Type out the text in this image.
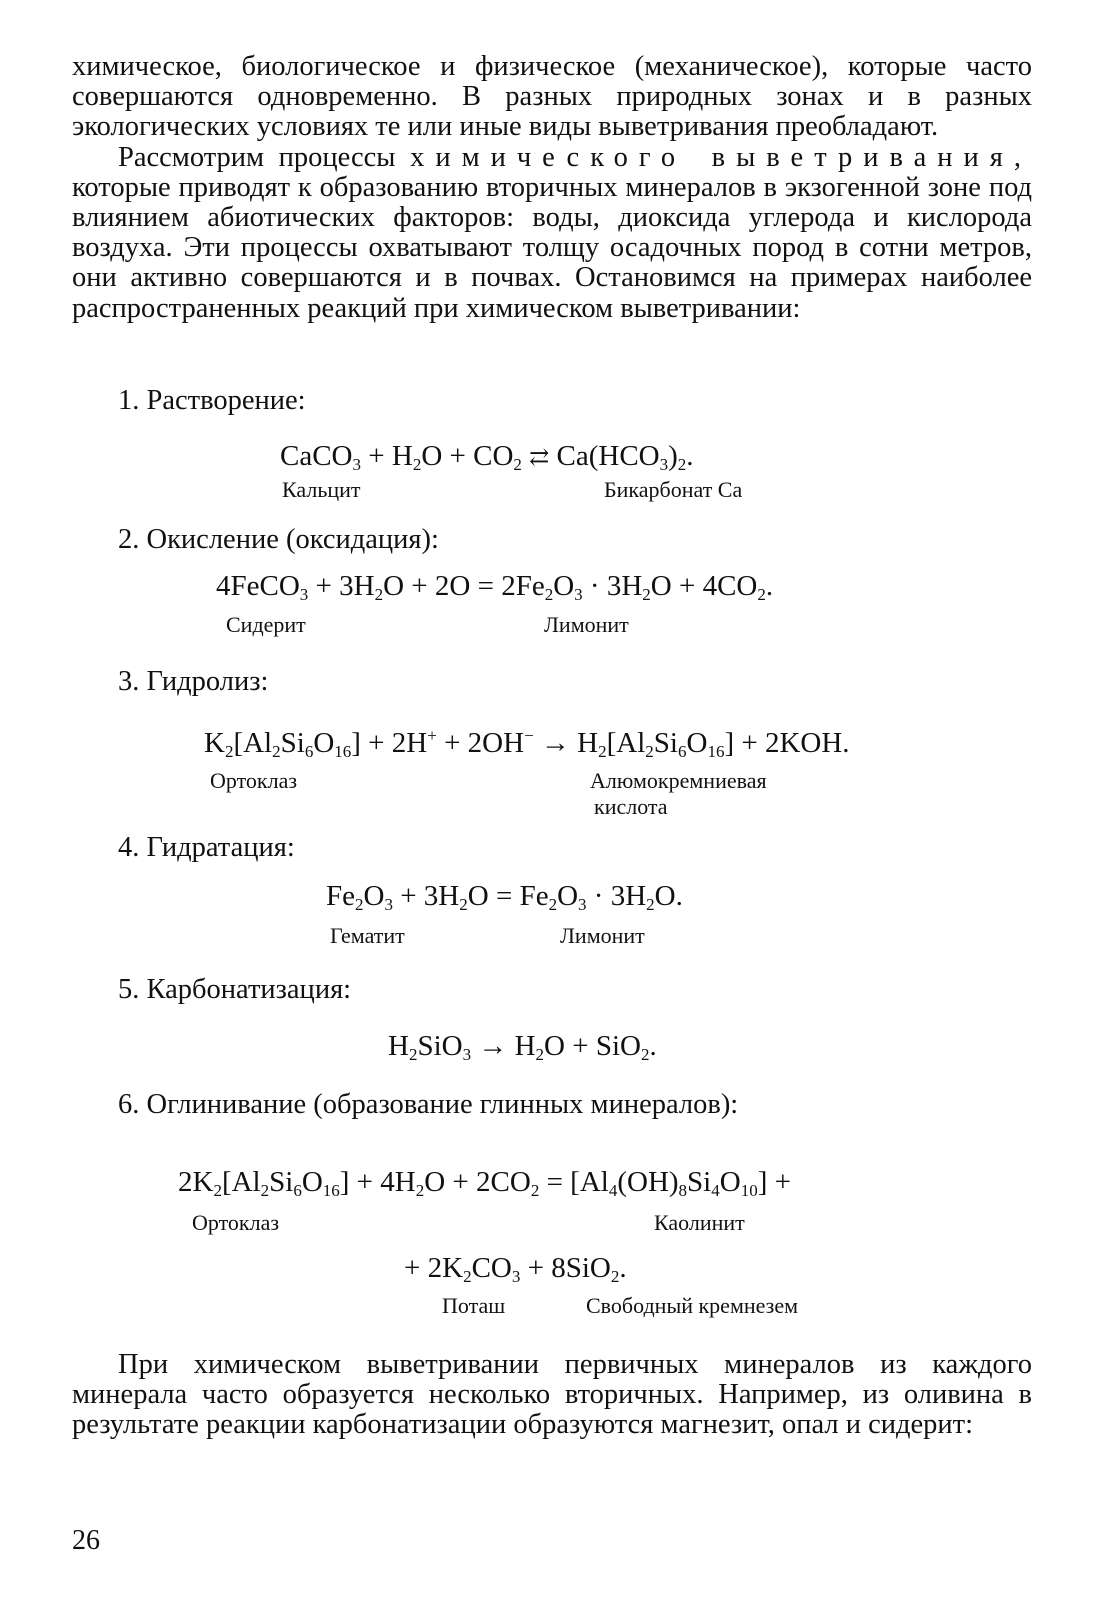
химическое, биологическое и физическое (механическое), которые часто совершаются одновременно. В разных природных зонах и в разных экологических условиях те или иные виды выветривания преобладают.

Рассмотрим процессы химического выветривания, которые приводят к образованию вторичных минералов в экзогенной зоне под влиянием абиотических факторов: воды, диоксида углерода и кислорода воздуха. Эти процессы охватывают толщу осадочных пород в сотни метров, они активно совершаются и в почвах. Остановимся на примерах наиболее распространенных реакций при химическом выветривании:

1. Растворение:
CaCO$_3$ + $H_2O + CO_2$ ⇄ $Ca(HCO_3)_2$.
Кальцит	Бикарбонат Ca
2. Окисление (оксидация):
4FeCO$_3$ + $3H_2O + 2O = 2Fe_2O_3 \cdot 3H_2O + 4CO_2$.
Сидерит	Лимонит
3. Гидролиз:
$K_2[Al_2Si_6O_{16}] + 2H^+ + 2OH^- \to H_2[Al_2Si_6O_{16}] + 2KOH$.
Ортоклаз	Алюмокремниевая
кислота
4. Гидратация:
$Fe_2O_3 + 3H_2O = Fe_2O_3 \cdot 3H_2O$.
Гематит	Лимонит
5. Карбонатизация:
$H_2SiO_3 \to H_2O + SiO_2$.
6. Оглинивание (образование глинных минералов):
$2K_2[Al_2Si_6O_{16}] + 4H_2O + 2CO_2 = [Al_4(OH)_8Si_4O_{10}]$ +
Ортоклаз	Каолинит
+ $2K_2CO_3 + 8SiO_2$.
Поташ	Свободный кремнезем

При химическом выветривании первичных минералов из каждого минерала часто образуется несколько вторичных. Например, из оливина в результате реакции карбонатизации образуются магнезит, опал и сидерит:

26
